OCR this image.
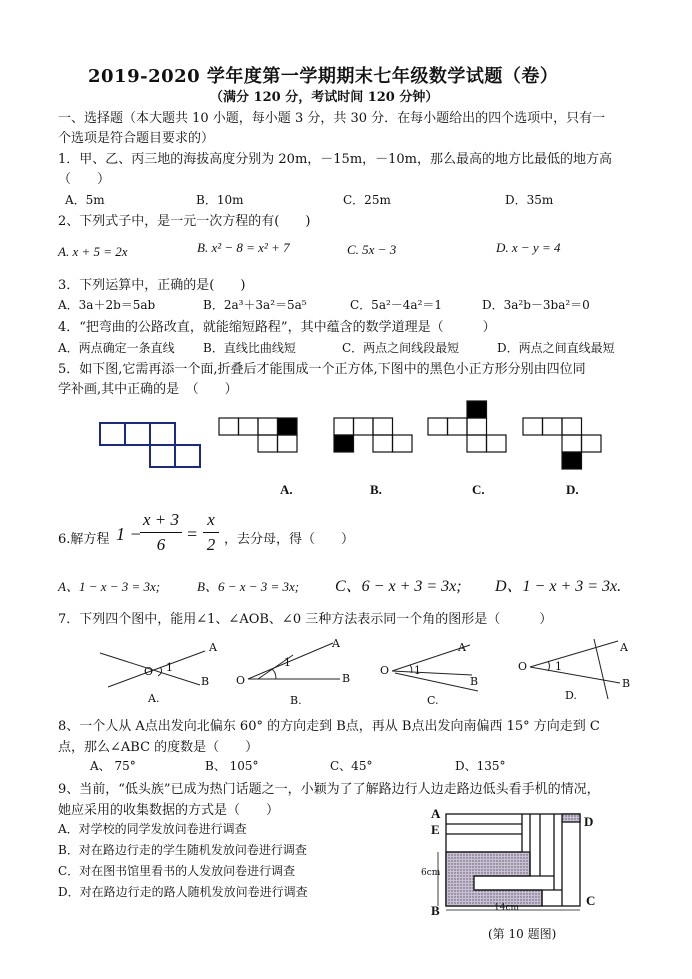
2019-2020 学年度第一学期期末七年级数学试题（卷）
（满分 120 分，考试时间 120 分钟）
一、选择题（本大题共 10 小题，每小题 3 分，共 30 分．在每小题给出的四个选项中，只有一
个选项是符合题目要求的）
1．甲、乙、丙三地的海拔高度分别为 20m，－15m，－10m，那么最高的地方比最低的地方高
（　　）
A．5m	B．10m	C．25m	D．35m
2、下列式子中，是一元一次方程的有(　　)
A. x + 5 = 2x	B. x² − 8 = x² + 7	C. 5x − 3	D. x − y = 4
3．下列运算中，正确的是(　　)
A．3a＋2b＝5ab	B．2a³＋3a²＝5a⁵	C．5a²－4a²＝1	D．3a²b－3ba²＝0
4．“把弯曲的公路改直，就能缩短路程”，其中蕴含的数学道理是（　　　）
A．两点确定一条直线 B．直线比曲线短	C．两点之间线段最短	D．两点之间直线最短
5．如下图,它需再添一个面,折叠后才能围成一个正方体,下图中的黑色小正方形分别由四位同
学补画,其中正确的是　（　　）
A.	B.	C.	D.
6.解方程 1 −
x + 3
6
=
x
2 ，去分母，得（　　）
A、1 − x − 3 = 3x;	B、6 − x − 3 = 3x; C、6 − x + 3 = 3x; D、1 − x + 3 = 3x.
7．下列四个图中，能用∠1、∠AOB、∠0 三种方法表示同一个角的图形是（　　　）
A
B
O 1
A
B
O
1
A
B
O 1
A
B
O	1
A.	B.	C.	D.
8、一个人从 A点出发向北偏东 60° 的方向走到 B点，再从 B点出发向南偏西 15° 方向走到 C
点，那么∠ABC 的度数是（　　）
A、 75°	B、 105°	C、45°	D、135°
9、当前，“低头族”已成为热门话题之一，小颖为了了解路边行人边走路边低头看手机的情况，
她应采用的收集数据的方式是（　　）
A．对学校的同学发放问卷进行调查
B．对在路边行走的学生随机发放问卷进行调查
C．对在图书馆里看书的人发放问卷进行调查
D．对在路边行走的路人随机发放问卷进行调查
A
E
D
B
C
6cm
14cm
(第 10 题图)
